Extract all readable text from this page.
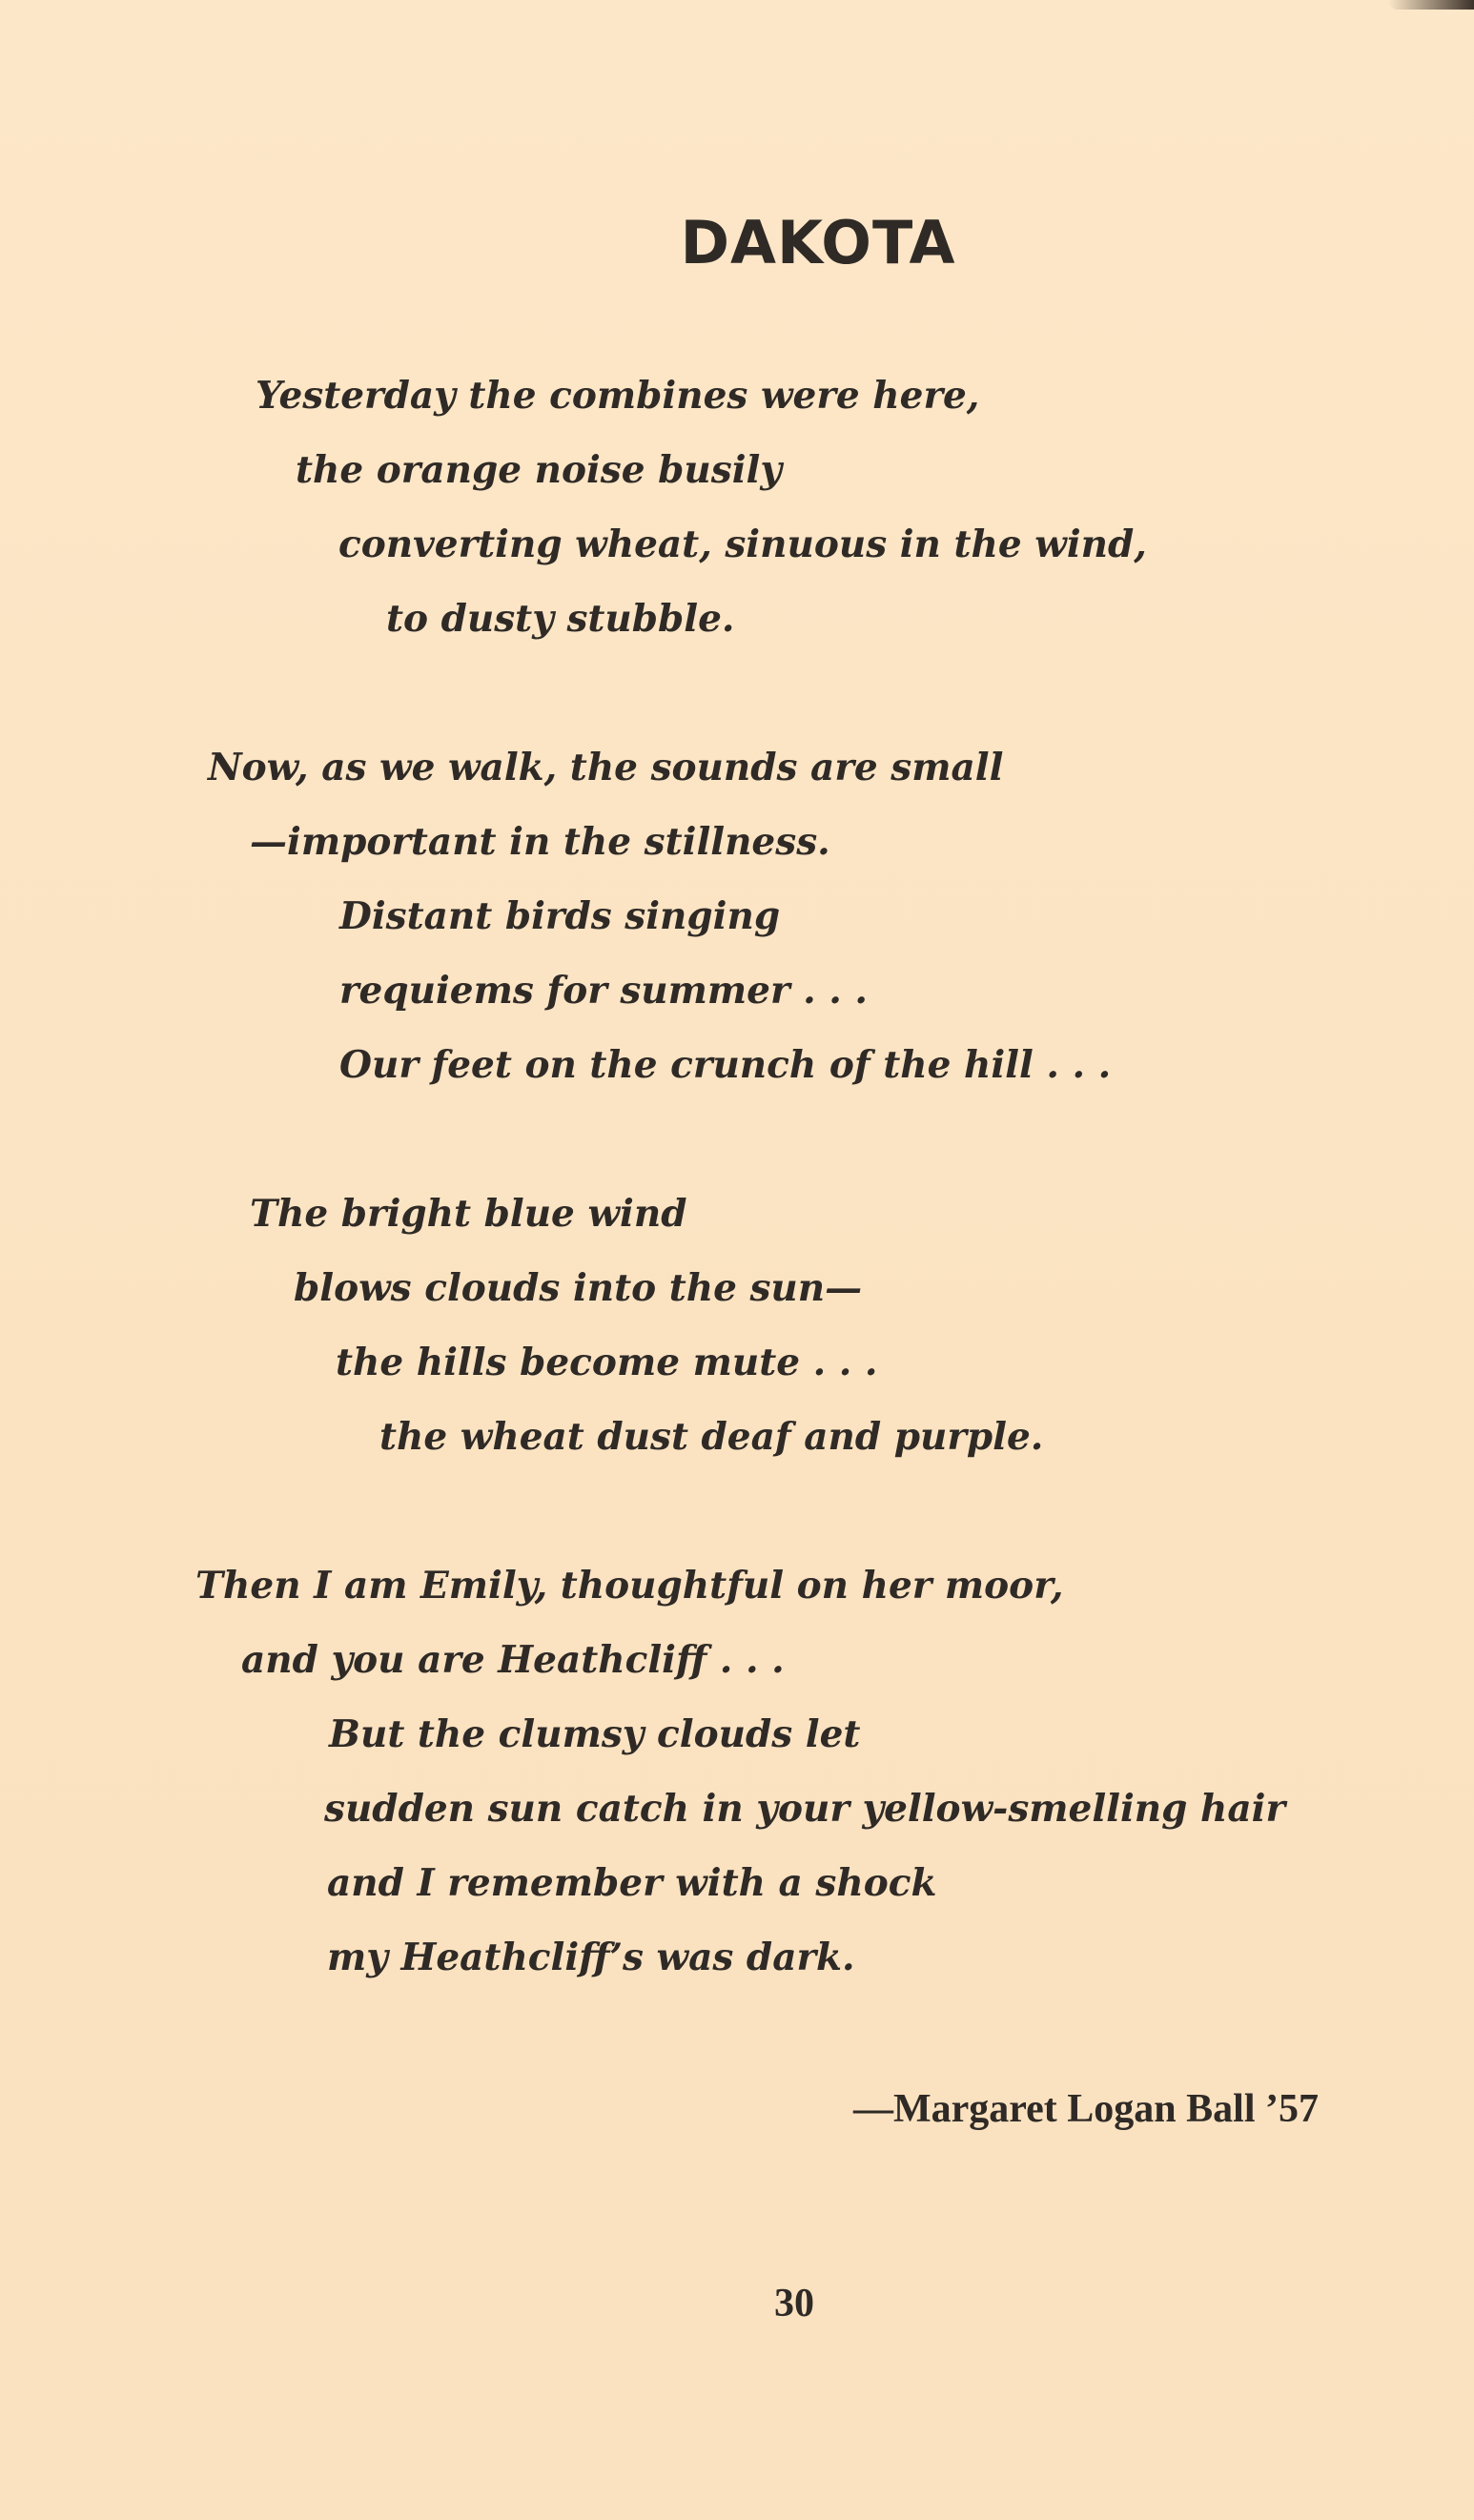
DAKOTA
Yesterday the combines were here,
the orange noise busily
converting wheat, sinuous in the wind,
to dusty stubble.
Now, as we walk, the sounds are small
—important in the stillness.
Distant birds singing
requiems for summer . . .
Our feet on the crunch of the hill . . .
The bright blue wind
blows clouds into the sun—
the hills become mute . . .
the wheat dust deaf and purple.
Then I am Emily, thoughtful on her moor,
and you are Heathcliff . . .
But the clumsy clouds let
sudden sun catch in your yellow-smelling hair
and I remember with a shock
my Heathcliff’s was dark.
—Margaret Logan Ball ’57
30
